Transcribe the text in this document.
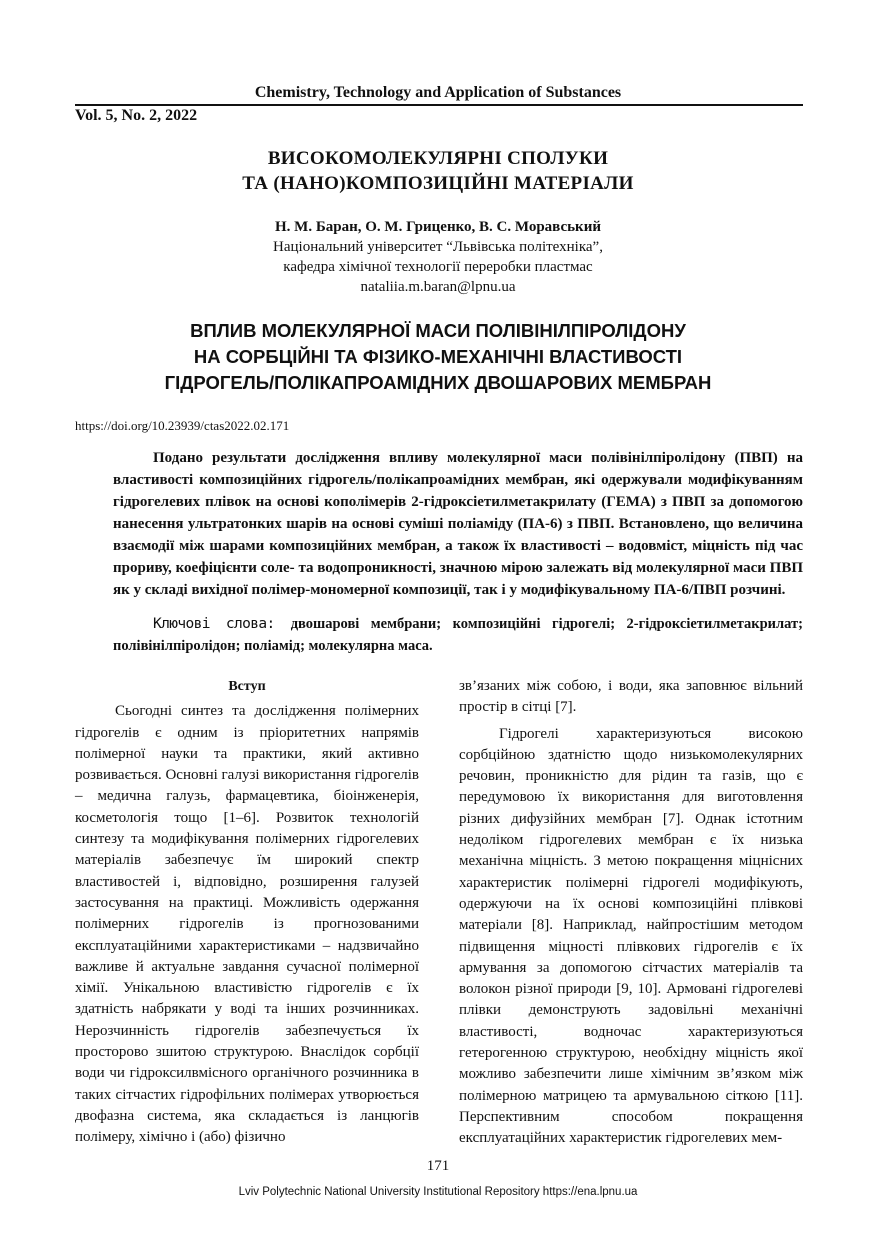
Chemistry, Technology and Application of Substances
Vol. 5, No. 2, 2022
ВИСОКОМОЛЕКУЛЯРНІ СПОЛУКИ
ТА (НАНО)КОМПОЗИЦІЙНІ МАТЕРІАЛИ
Н. М. Баран, О. М. Гриценко, В. С. Моравський
Національний університет “Львівська політехніка”,
кафедра хімічної технології переробки пластмас
nataliia.m.baran@lpnu.ua
ВПЛИВ МОЛЕКУЛЯРНОЇ МАСИ ПОЛІВІНІЛПІРОЛІДОНУ
НА СОРБЦІЙНІ ТА ФІЗИКО-МЕХАНІЧНІ ВЛАСТИВОСТІ
ГІДРОГЕЛЬ/ПОЛІКАПРОАМІДНИХ ДВОШАРОВИХ МЕМБРАН
https://doi.org/10.23939/ctas2022.02.171
Подано результати дослідження впливу молекулярної маси полівінілпіролідону (ПВП) на властивості композиційних гідрогель/полікапроамідних мембран, які одержували модифікуванням гідрогелевих плівок на основі кополімерів 2-гідроксіетилметакрилату (ГЕМА) з ПВП за допомогою нанесення ультратонких шарів на основі суміші поліаміду (ПА-6) з ПВП. Встановлено, що величина взаємодії між шарами композиційних мембран, а також їх властивості – водовміст, міцність під час прориву, коефіцієнти соле- та водопроникності, значною мірою залежать від молекулярної маси ПВП як у складі вихідної полімер-мономерної композиції, так і у модифікувальному ПА-6/ПВП розчині.
Ключові слова: двошарові мембрани; композиційні гідрогелі; 2-гідроксіетилметакрилат; полівінілпіролідон; поліамід; молекулярна маса.
Вступ

Сьогодні синтез та дослідження полімерних гідрогелів є одним із пріоритетних напрямів полімерної науки та практики, який активно розвивається. Основні галузі використання гідрогелів – медична галузь, фармацевтика, біоінженерія, косметологія тощо [1–6]. Розвиток технологій синтезу та модифікування полімерних гідрогелевих матеріалів забезпечує їм широкий спектр властивостей і, відповідно, розширення галузей застосування на практиці. Можливість одержання полімерних гідрогелів із прогнозованими експлуатаційними характеристиками – надзвичайно важливе й актуальне завдання сучасної полімерної хімії. Унікальною властивістю гідрогелів є їх здатність набрякати у воді та інших розчинниках. Нерозчинність гідрогелів забезпечується їх просторово зшитою структурою. Внаслідок сорбції води чи гідроксилвмісного органічного розчинника в таких сітчастих гідрофільних полімерах утворюється двофазна система, яка складається із ланцюгів полімеру, хімічно і (або) фізично

зв’язаних між собою, і води, яка заповнює вільний простір в сітці [7].

Гідрогелі характеризуються високою сорбційною здатністю щодо низькомолекулярних речовин, проникністю для рідин та газів, що є передумовою їх використання для виготовлення різних дифузійних мембран [7]. Однак істотним недоліком гідрогелевих мембран є їх низька механічна міцність. З метою покращення міцнісних характеристик полімерні гідрогелі модифікують, одержуючи на їх основі композиційні плівкові матеріали [8]. Наприклад, найпростішим методом підвищення міцності плівкових гідрогелів є їх армування за допомогою сітчастих матеріалів та волокон різної природи [9, 10]. Армовані гідрогелеві плівки демонструють задовільні механічні властивості, водночас характеризуються гетерогенною структурою, необхідну міцність якої можливо забезпечити лише хімічним зв’язком між полімерною матрицею та армувальною сіткою [11]. Перспективним способом покращення експлуатаційних характеристик гідрогелевих мем-

171
Lviv Polytechnic National University Institutional Repository https://ena.lpnu.ua
